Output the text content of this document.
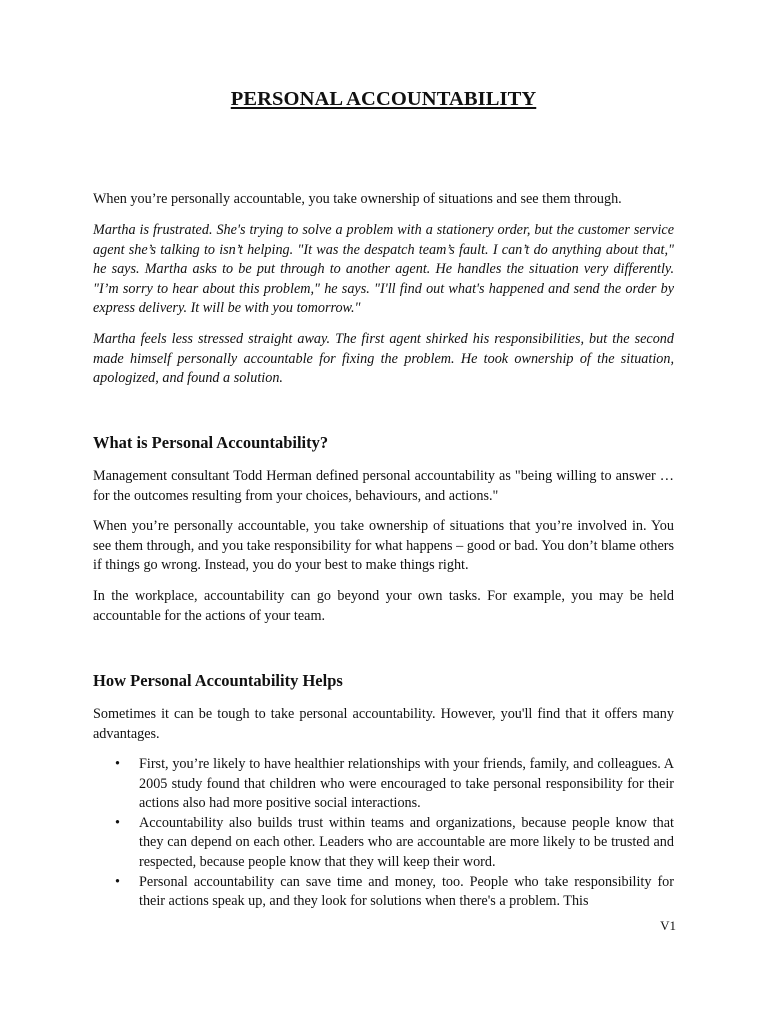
PERSONAL ACCOUNTABILITY

When you’re personally accountable, you take ownership of situations and see them through.

Martha is frustrated. She's trying to solve a problem with a stationery order, but the customer service agent she’s talking to isn’t helping. "It was the despatch team’s fault. I can’t do anything about that," he says. Martha asks to be put through to another agent. He handles the situation very differently. "I’m sorry to hear about this problem," he says. "I'll find out what's happened and send the order by express delivery. It will be with you tomorrow."

Martha feels less stressed straight away. The first agent shirked his responsibilities, but the second made himself personally accountable for fixing the problem. He took ownership of the situation, apologized, and found a solution.

What is Personal Accountability?

Management consultant Todd Herman defined personal accountability as "being willing to answer … for the outcomes resulting from your choices, behaviours, and actions."

When you’re personally accountable, you take ownership of situations that you’re involved in. You see them through, and you take responsibility for what happens – good or bad. You don’t blame others if things go wrong. Instead, you do your best to make things right.

In the workplace, accountability can go beyond your own tasks. For example, you may be held accountable for the actions of your team.

How Personal Accountability Helps

Sometimes it can be tough to take personal accountability. However, you'll find that it offers many advantages.

• First, you’re likely to have healthier relationships with your friends, family, and colleagues. A 2005 study found that children who were encouraged to take personal responsibility for their actions also had more positive social interactions.
• Accountability also builds trust within teams and organizations, because people know that they can depend on each other. Leaders who are accountable are more likely to be trusted and respected, because people know that they will keep their word.
• Personal accountability can save time and money, too. People who take responsibility for their actions speak up, and they look for solutions when there's a problem. This
V1
